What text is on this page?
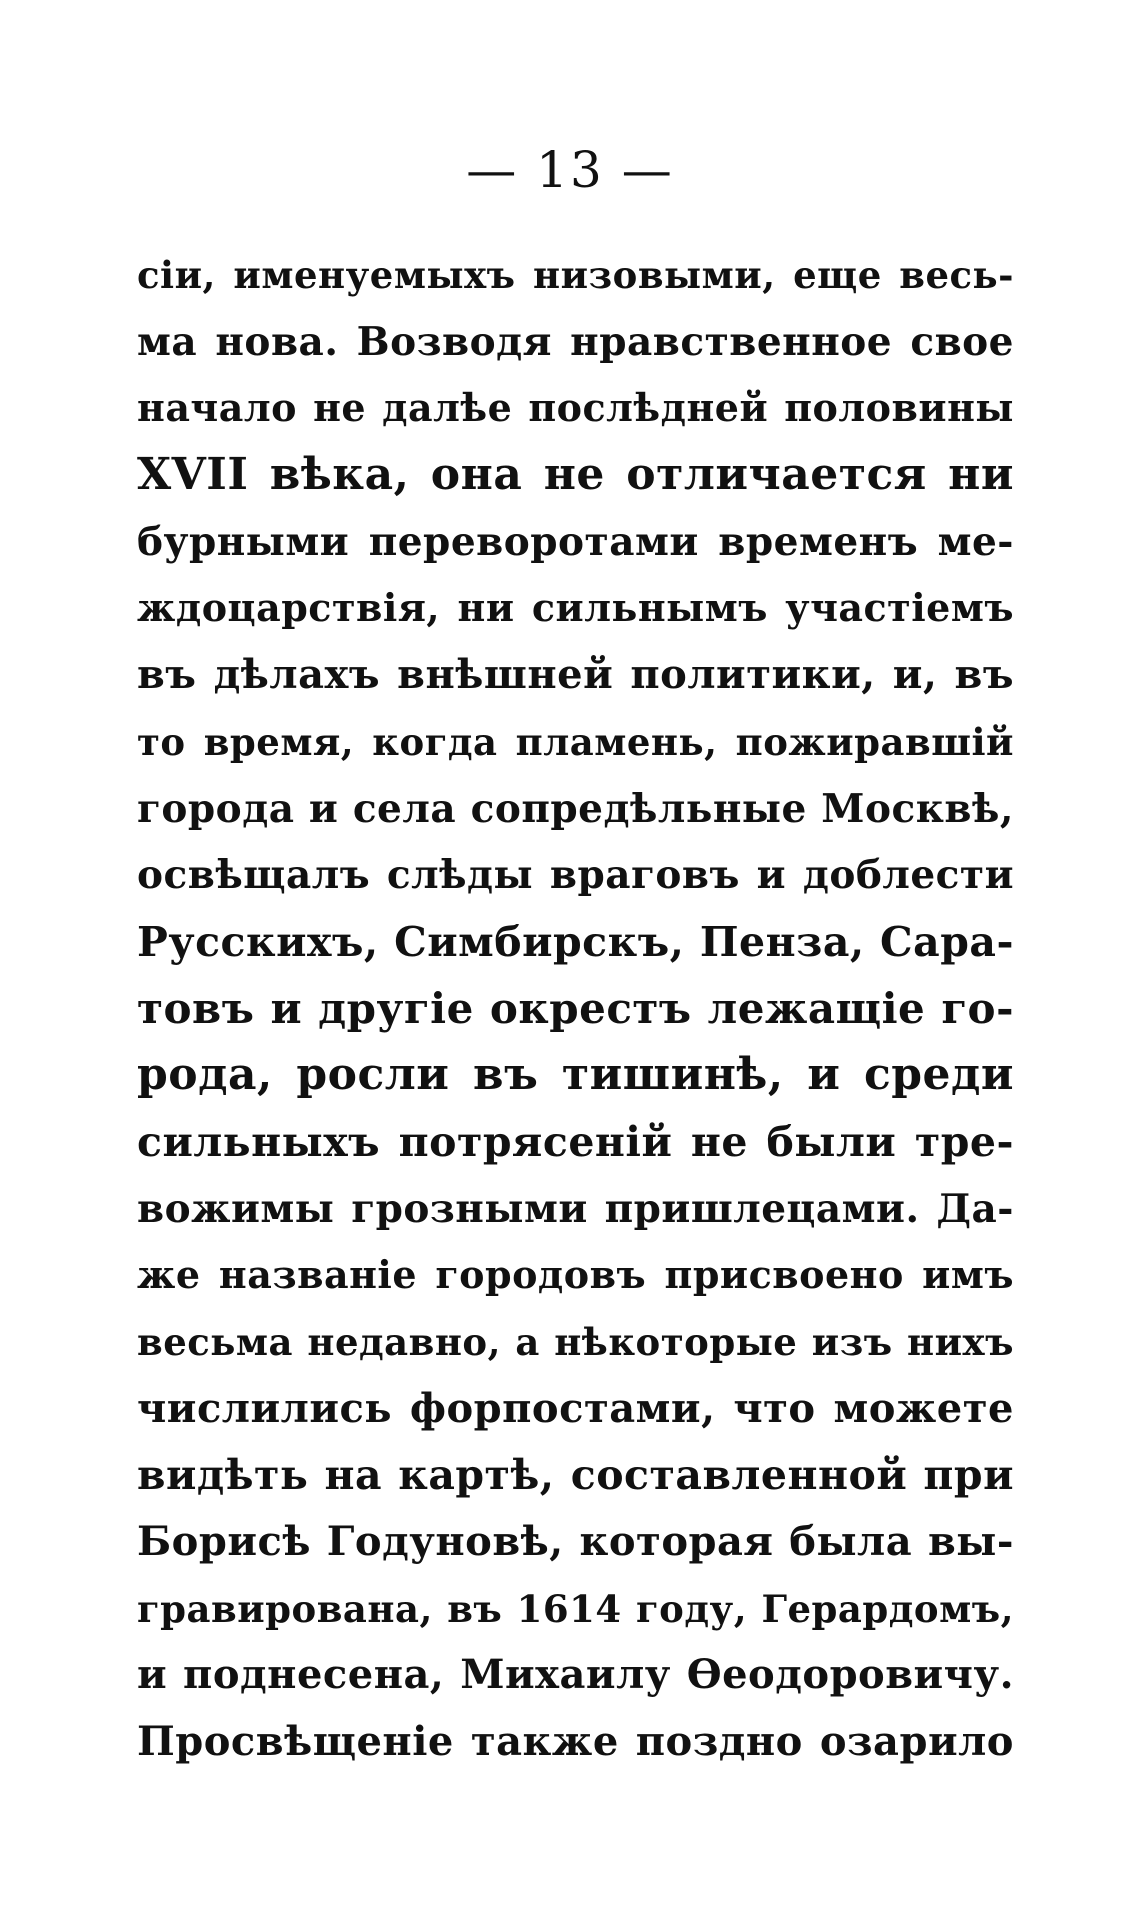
— 13 —
сіи, именуемыхъ низовыми, еще весь-
ма нова. Возводя нравственное свое
начало не далѣе послѣдней половины
XVII вѣка, она не отличается ни
бурными переворотами временъ ме-
ждоцарствія, ни сильнымъ участіемъ
въ дѣлахъ внѣшней политики, и, въ
то время, когда пламень, пожиравшій
города и села сопредѣльные Москвѣ,
освѣщалъ слѣды враговъ и доблести
Русскихъ, Симбирскъ, Пенза, Сара-
товъ и другіе окрестъ лежащіе го-
рода, росли въ тишинѣ, и среди
сильныхъ потрясеній не были тре-
вожимы грозными пришлецами. Да-
же названіе городовъ присвоено имъ
весьма недавно, а нѣкоторые изъ нихъ
числились форпостами, что можете
видѣть на картѣ, составленной при
Борисѣ Годуновѣ, которая была вы-
гравирована, въ 1614 году, Герардомъ,
и поднесена, Михаилу Ѳеодоровичу.
Просвѣщеніе также поздно озарило
